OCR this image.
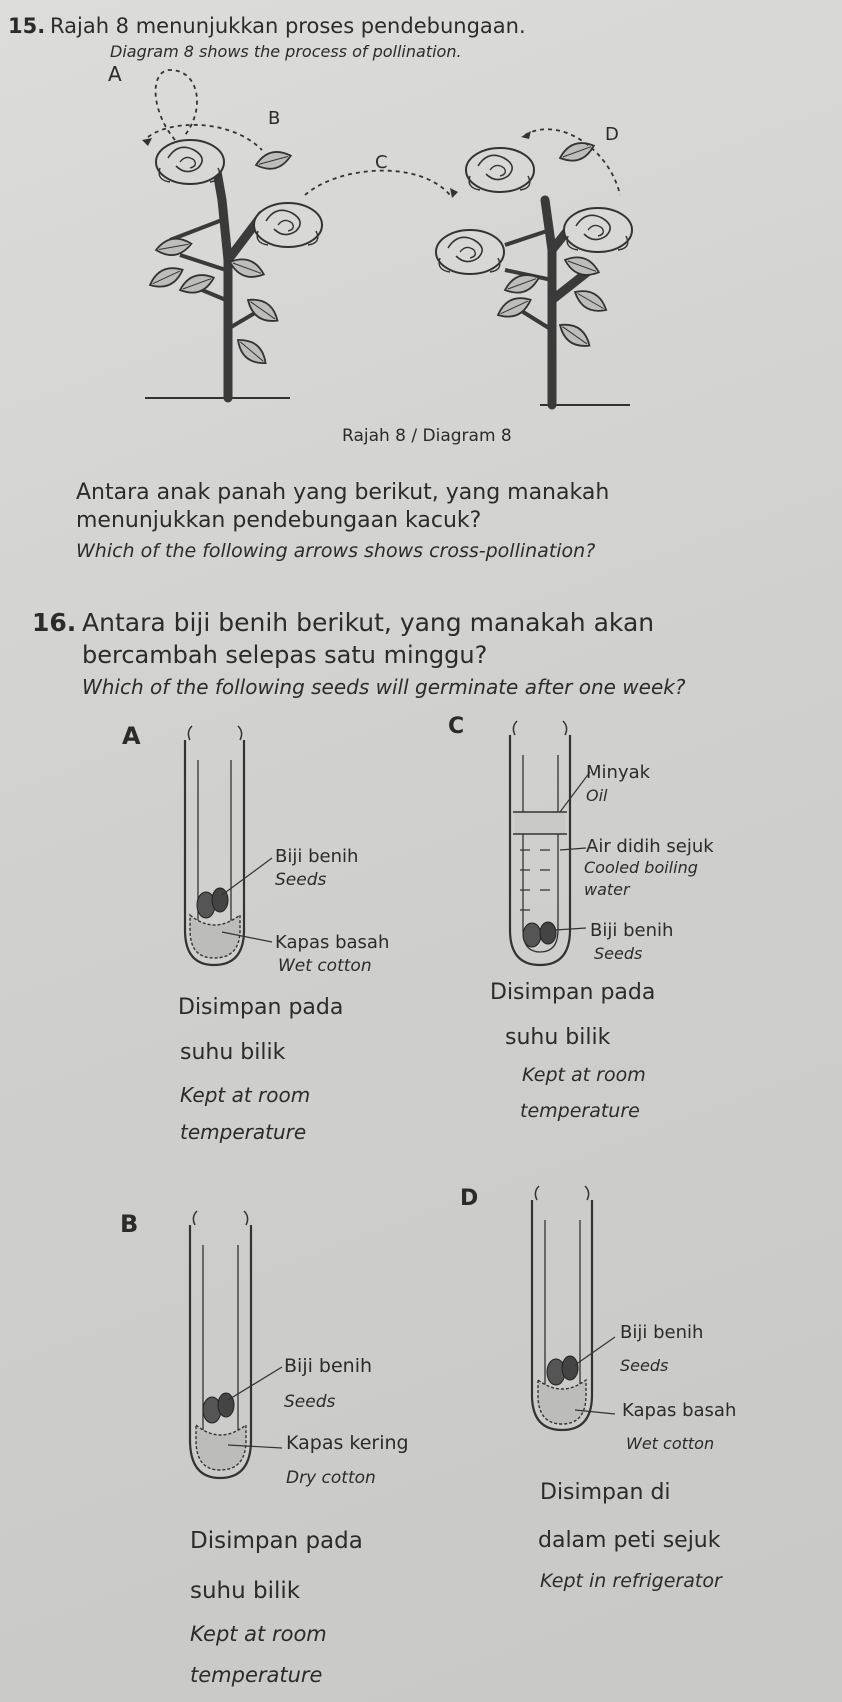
15. Rajah 8 menunjukkan proses pendebungaan.
Diagram 8 shows the process of pollination.
A
B
C
D
Rajah 8 / Diagram 8
Antara anak panah yang berikut, yang manakah
menunjukkan pendebungaan kacuk?
Which of the following arrows shows cross-pollination?
16. Antara biji benih berikut, yang manakah akan
bercambah selepas satu minggu?
Which of the following seeds will germinate after one week?
A
Biji benih
Seeds
Kapas basah
Wet cotton
Disimpan pada
suhu bilik
Kept at room
temperature
C
Minyak
Oil
Air didih sejuk
Cooled boiling
water
Biji benih
Seeds
Disimpan pada
suhu bilik
Kept at room
temperature
B
Biji benih
Seeds
Kapas kering
Dry cotton
Disimpan pada
suhu bilik
Kept at room
temperature
D
Biji benih
Seeds
Kapas basah
Wet cotton
Disimpan di
dalam peti sejuk
Kept in refrigerator
